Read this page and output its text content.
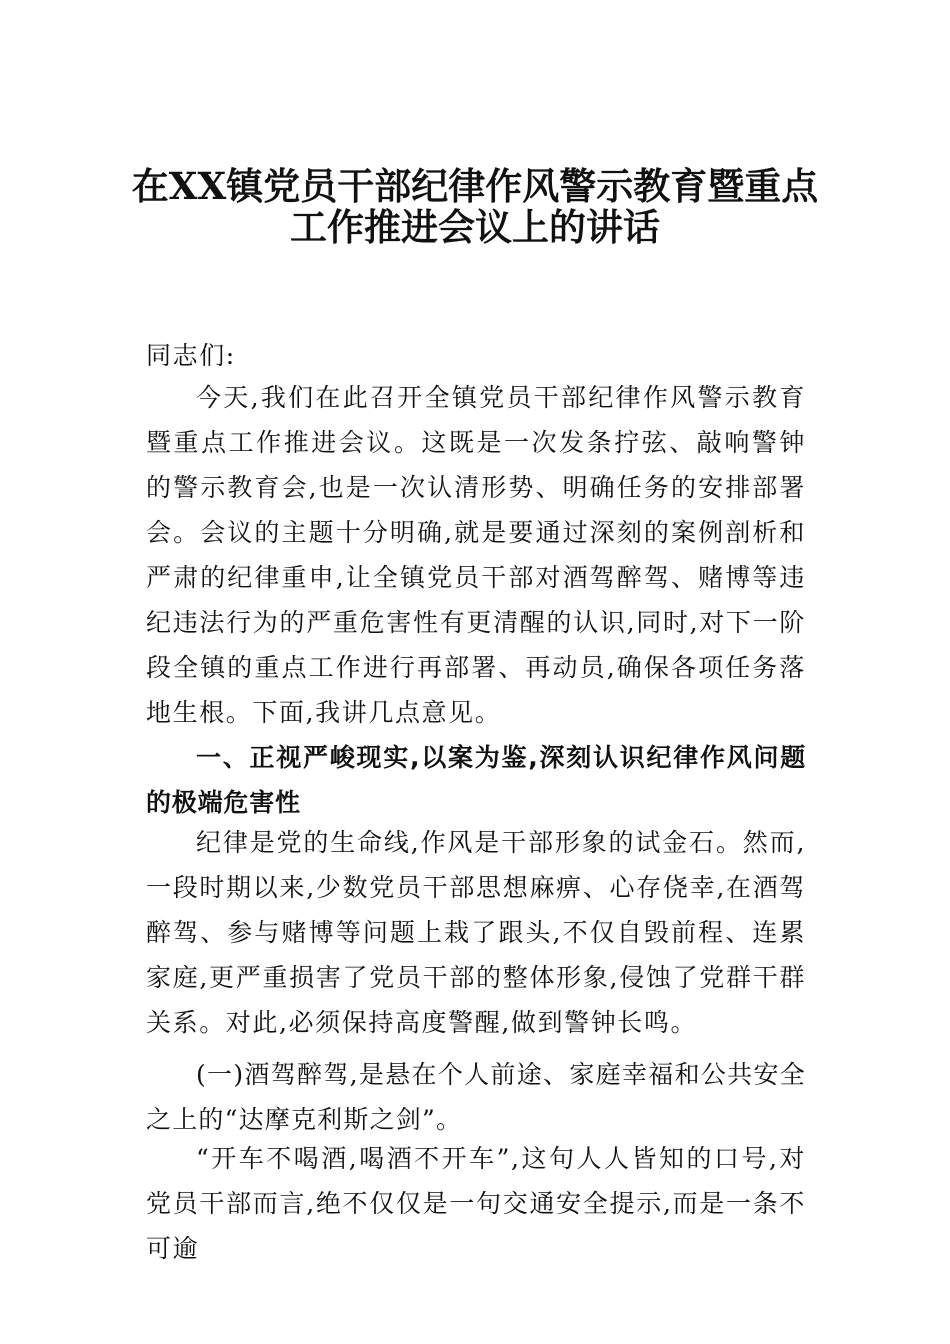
在XX镇党员干部纪律作风警示教育暨重点
工作推进会议上的讲话

同志们:

今天,我们在此召开全镇党员干部纪律作风警示教育暨重点工作推进会议。这既是一次发条拧弦、敲响警钟的警示教育会,也是一次认清形势、明确任务的安排部署会。会议的主题十分明确,就是要通过深刻的案例剖析和严肃的纪律重申,让全镇党员干部对酒驾醉驾、赌博等违纪违法行为的严重危害性有更清醒的认识,同时,对下一阶段全镇的重点工作进行再部署、再动员,确保各项任务落地生根。下面,我讲几点意见。

一、正视严峻现实,以案为鉴,深刻认识纪律作风问题的极端危害性

纪律是党的生命线,作风是干部形象的试金石。然而,一段时期以来,少数党员干部思想麻痹、心存侥幸,在酒驾醉驾、参与赌博等问题上栽了跟头,不仅自毁前程、连累家庭,更严重损害了党员干部的整体形象,侵蚀了党群干群关系。对此,必须保持高度警醒,做到警钟长鸣。

(一)酒驾醉驾,是悬在个人前途、家庭幸福和公共安全之上的“达摩克利斯之剑”。

“开车不喝酒,喝酒不开车”,这句人人皆知的口号,对党员干部而言,绝不仅仅是一句交通安全提示,而是一条不可逾
